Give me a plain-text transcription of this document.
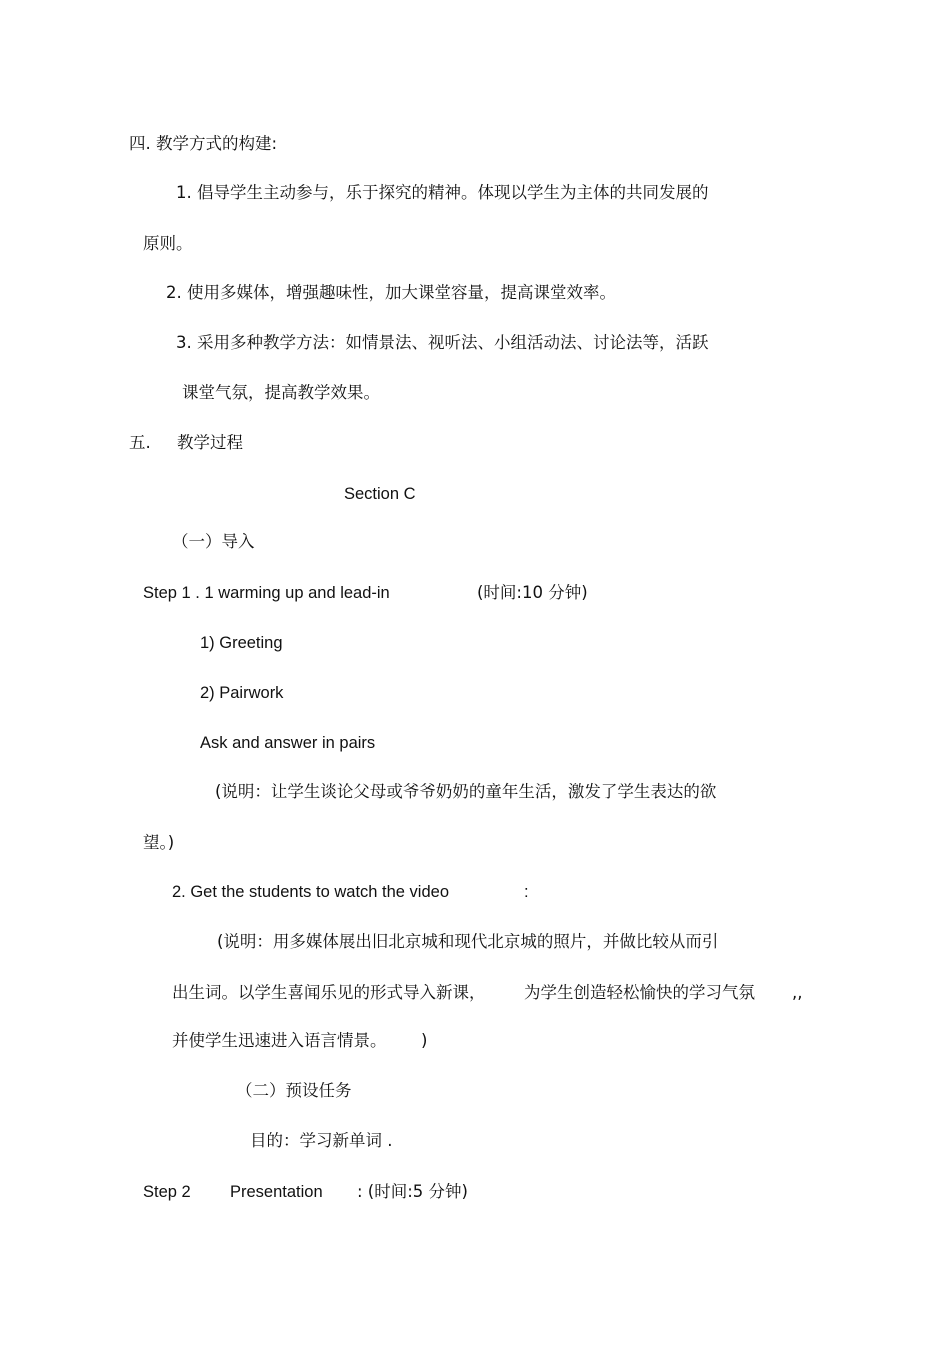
四. 教学方式的构建:
1. 倡导学生主动参与，乐于探究的精神。体现以学生为主体的共同发展的
原则。
2. 使用多媒体，增强趣味性，加大课堂容量，提高课堂效率。
3. 采用多种教学方法：如情景法、视听法、小组活动法、讨论法等，活跃
课堂气氛，提高教学效果。
五. 教学过程
Section C
（一）导入
Step 1 . 1 warming up and lead-in	(时间:10 分钟)
1) Greeting
2) Pairwork
Ask and answer in pairs
(说明：让学生谈论父母或爷爷奶奶的童年生活，激发了学生表达的欲
望。)
2. Get the students to watch the video	:
(说明：用多媒体展出旧北京城和现代北京城的照片，并做比较从而引
出生词。以学生喜闻乐见的形式导入新课， 为学生创造轻松愉快的学习气氛 ,,
并使学生迅速进入语言情景。 )
（二）预设任务
目的：学习新单词 .
Step 2 Presentation : (时间:5 分钟)
